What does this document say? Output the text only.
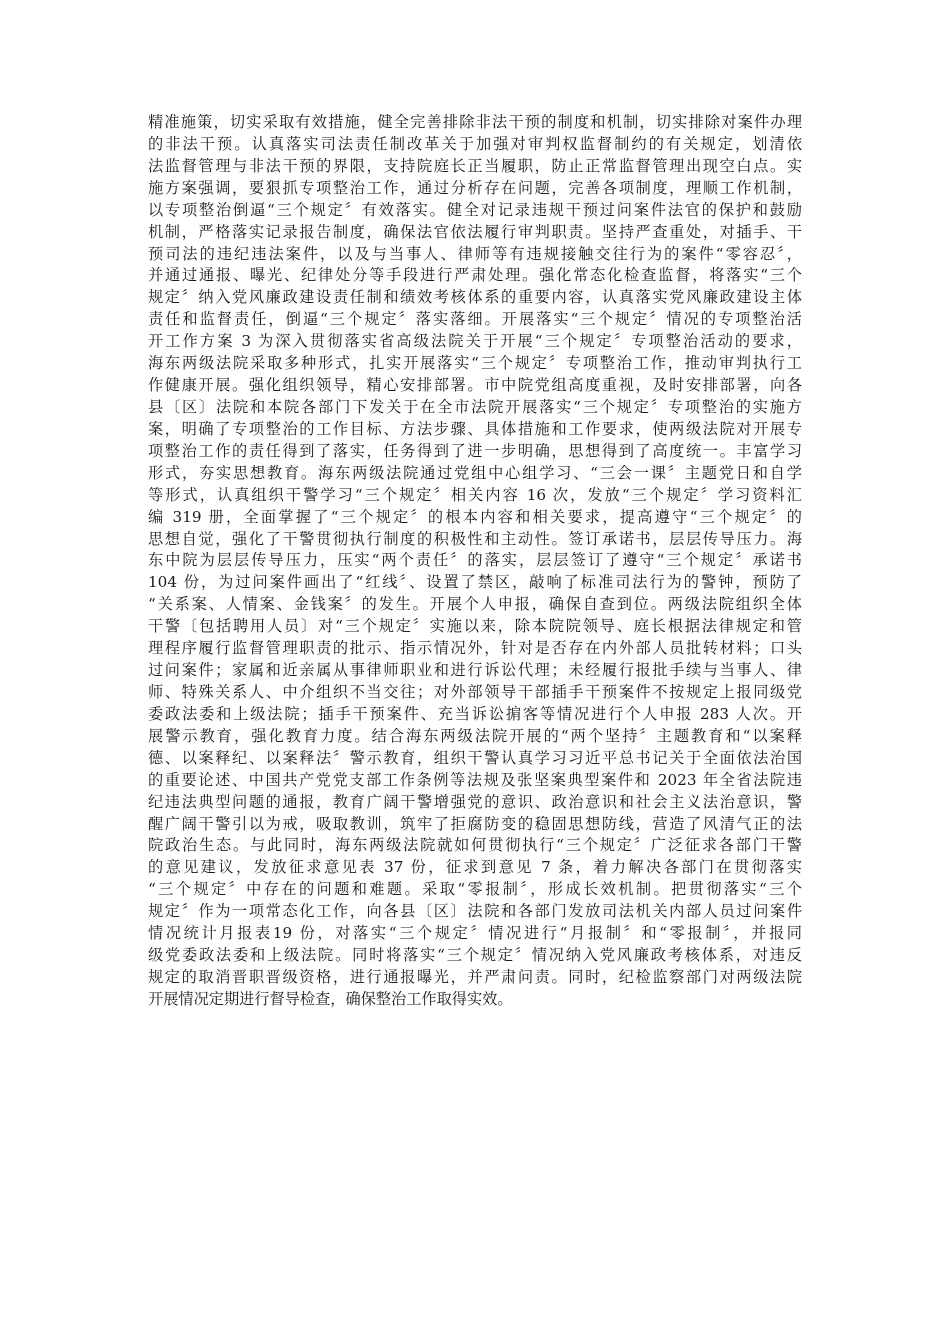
精准施策，切实采取有效措施，健全完善排除非法干预的制度和机制，切实排除对案件办理
的非法干预。认真落实司法责任制改革关于加强对审判权监督制约的有关规定，划清依
法监督管理与非法干预的界限，支持院庭长正当履职，防止正常监督管理出现空白点。实
施方案强调，要狠抓专项整治工作，通过分析存在问题，完善各项制度，理顺工作机制，
以专项整治倒逼“三个规定〞有效落实。健全对记录违规干预过问案件法官的保护和鼓励
机制，严格落实记录报告制度，确保法官依法履行审判职责。坚持严查重处，对插手、干
预司法的违纪违法案件，以及与当事人、律师等有违规接触交往行为的案件“零容忍〞，
并通过通报、曝光、纪律处分等手段进行严肃处理。强化常态化检查监督，将落实“三个
规定〞纳入党风廉政建设责任制和绩效考核体系的重要内容，认真落实党风廉政建设主体
责任和监督责任，倒逼“三个规定〞落实落细。开展落实“三个规定〞情况的专项整治活
开工作方案 3 为深入贯彻落实省高级法院关于开展“三个规定〞专项整治活动的要求，
海东两级法院采取多种形式，扎实开展落实“三个规定〞专项整治工作，推动审判执行工
作健康开展。强化组织领导，精心安排部署。市中院党组高度重视，及时安排部署，向各
县〔区〕法院和本院各部门下发关于在全市法院开展落实“三个规定〞专项整治的实施方
案，明确了专项整治的工作目标、方法步骤、具体措施和工作要求，使两级法院对开展专
项整治工作的责任得到了落实，任务得到了进一步明确，思想得到了高度统一。丰富学习
形式，夯实思想教育。海东两级法院通过党组中心组学习、“三会一课〞主题党日和自学
等形式，认真组织干警学习“三个规定〞相关内容 16 次，发放“三个规定〞学习资料汇
编 319 册，全面掌握了“三个规定〞的根本内容和相关要求，提高遵守“三个规定〞的
思想自觉，强化了干警贯彻执行制度的积极性和主动性。签订承诺书，层层传导压力。海
东中院为层层传导压力，压实“两个责任〞的落实，层层签订了遵守“三个规定〞承诺书
104 份，为过问案件画出了“红线〞、设置了禁区，敲响了标准司法行为的警钟，预防了
“关系案、人情案、金钱案〞的发生。开展个人申报，确保自查到位。两级法院组织全体
干警〔包括聘用人员〕对“三个规定〞实施以来，除本院院领导、庭长根据法律规定和管
理程序履行监督管理职责的批示、指示情况外，针对是否存在内外部人员批转材料；口头
过问案件；家属和近亲属从事律师职业和进行诉讼代理；未经履行报批手续与当事人、律
师、特殊关系人、中介组织不当交往；对外部领导干部插手干预案件不按规定上报同级党
委政法委和上级法院；插手干预案件、充当诉讼掮客等情况进行个人申报 283 人次。开
展警示教育，强化教育力度。结合海东两级法院开展的“两个坚持〞主题教育和“以案释
德、以案释纪、以案释法〞警示教育，组织干警认真学习习近平总书记关于全面依法治国
的重要论述、中国共产党党支部工作条例等法规及张坚案典型案件和 2023 年全省法院违
纪违法典型问题的通报，教育广阔干警增强党的意识、政治意识和社会主义法治意识，警
醒广阔干警引以为戒，吸取教训，筑牢了拒腐防变的稳固思想防线，营造了风清气正的法
院政治生态。与此同时，海东两级法院就如何贯彻执行“三个规定〞广泛征求各部门干警
的意见建议，发放征求意见表 37 份，征求到意见 7 条，着力解决各部门在贯彻落实
“三个规定〞中存在的问题和难题。采取“零报制〞，形成长效机制。把贯彻落实“三个
规定〞作为一项常态化工作，向各县〔区〕法院和各部门发放司法机关内部人员过问案件
情况统计月报表19 份，对落实“三个规定〞情况进行“月报制〞和“零报制〞，并报同
级党委政法委和上级法院。同时将落实“三个规定〞情况纳入党风廉政考核体系，对违反
规定的取消晋职晋级资格，进行通报曝光，并严肃问责。同时，纪检监察部门对两级法院
开展情况定期进行督导检查，确保整治工作取得实效。
